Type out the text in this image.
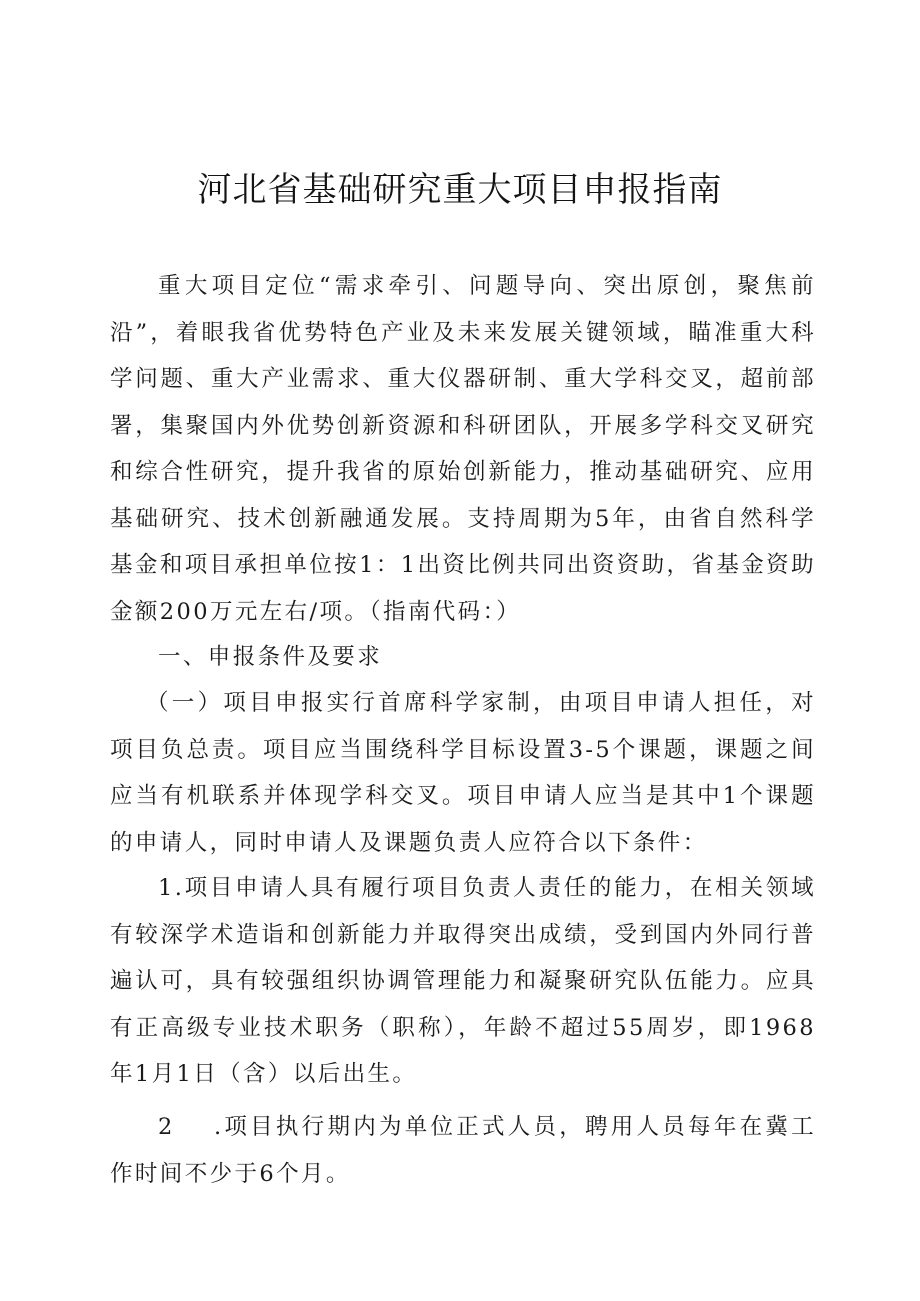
河北省基础研究重大项目申报指南

重大项目定位“需求牵引、问题导向、突出原创，聚焦前沿”，着眼我省优势特色产业及未来发展关键领域，瞄准重大科学问题、重大产业需求、重大仪器研制、重大学科交叉，超前部署，集聚国内外优势创新资源和科研团队，开展多学科交叉研究和综合性研究，提升我省的原始创新能力，推动基础研究、应用基础研究、技术创新融通发展。支持周期为5年，由省自然科学基金和项目承担单位按1：1出资比例共同出资资助，省基金资助金额200万元左右/项。（指南代码：）

一、申报条件及要求

（一）项目申报实行首席科学家制，由项目申请人担任，对项目负总责。项目应当围绕科学目标设置3-5个课题，课题之间应当有机联系并体现学科交叉。项目申请人应当是其中1个课题的申请人，同时申请人及课题负责人应符合以下条件：

1.项目申请人具有履行项目负责人责任的能力，在相关领域有较深学术造诣和创新能力并取得突出成绩，受到国内外同行普遍认可，具有较强组织协调管理能力和凝聚研究队伍能力。应具有正高级专业技术职务（职称），年龄不超过55周岁，即1968年1月1日（含）以后出生。

2 .项目执行期内为单位正式人员，聘用人员每年在冀工作时间不少于6个月。
